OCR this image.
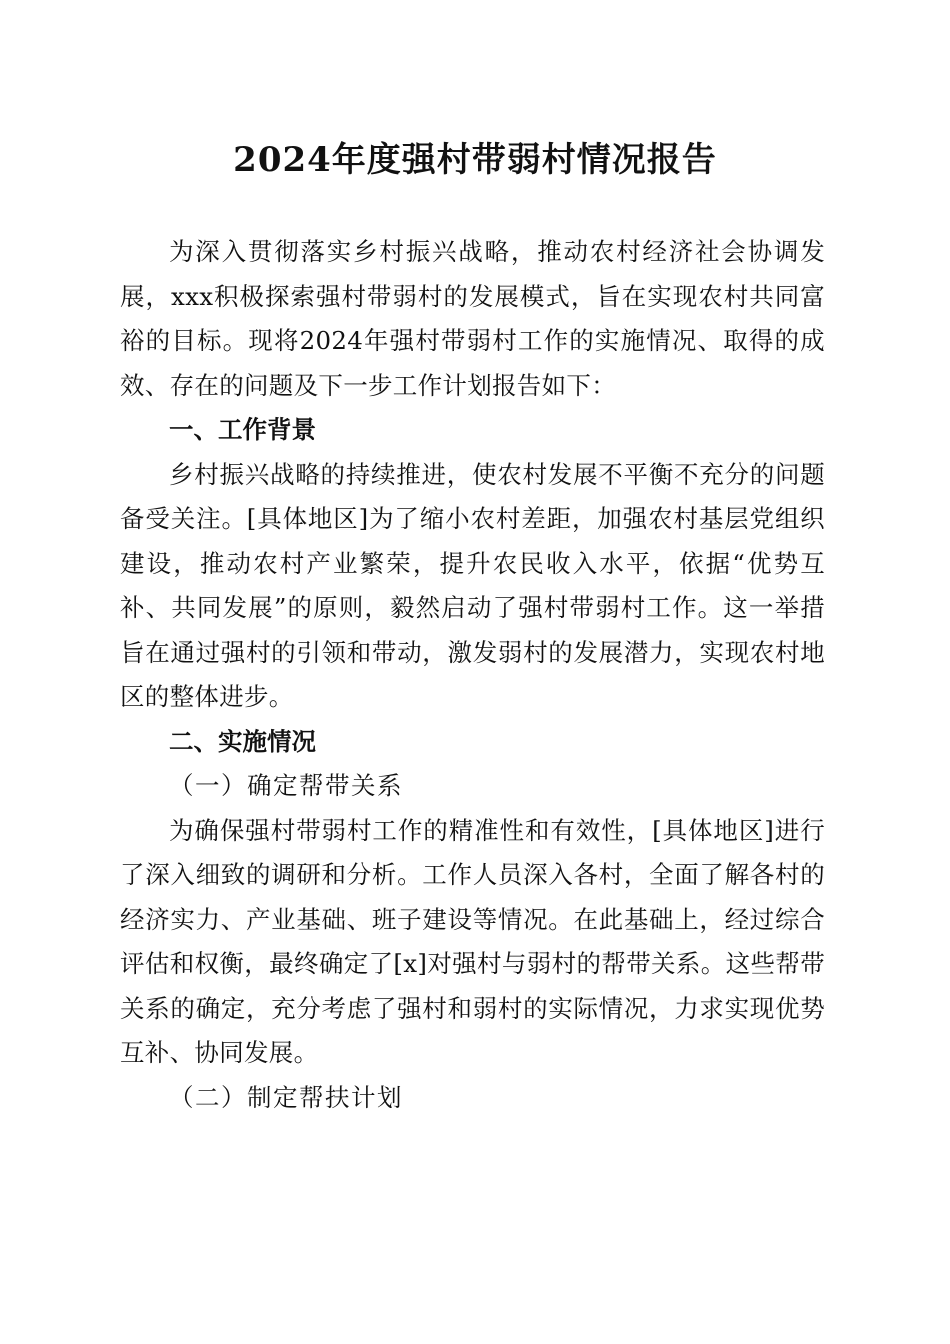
2024年度强村带弱村情况报告

为深入贯彻落实乡村振兴战略，推动农村经济社会协调发展，xxx积极探索强村带弱村的发展模式，旨在实现农村共同富裕的目标。现将2024年强村带弱村工作的实施情况、取得的成效、存在的问题及下一步工作计划报告如下：

一、工作背景

乡村振兴战略的持续推进，使农村发展不平衡不充分的问题备受关注。[具体地区]为了缩小农村差距，加强农村基层党组织建设，推动农村产业繁荣，提升农民收入水平，依据“优势互补、共同发展”的原则，毅然启动了强村带弱村工作。这一举措旨在通过强村的引领和带动，激发弱村的发展潜力，实现农村地区的整体进步。

二、实施情况

（一）确定帮带关系

为确保强村带弱村工作的精准性和有效性，[具体地区]进行了深入细致的调研和分析。工作人员深入各村，全面了解各村的经济实力、产业基础、班子建设等情况。在此基础上，经过综合评估和权衡，最终确定了[x]对强村与弱村的帮带关系。这些帮带关系的确定，充分考虑了强村和弱村的实际情况，力求实现优势互补、协同发展。

（二）制定帮扶计划
